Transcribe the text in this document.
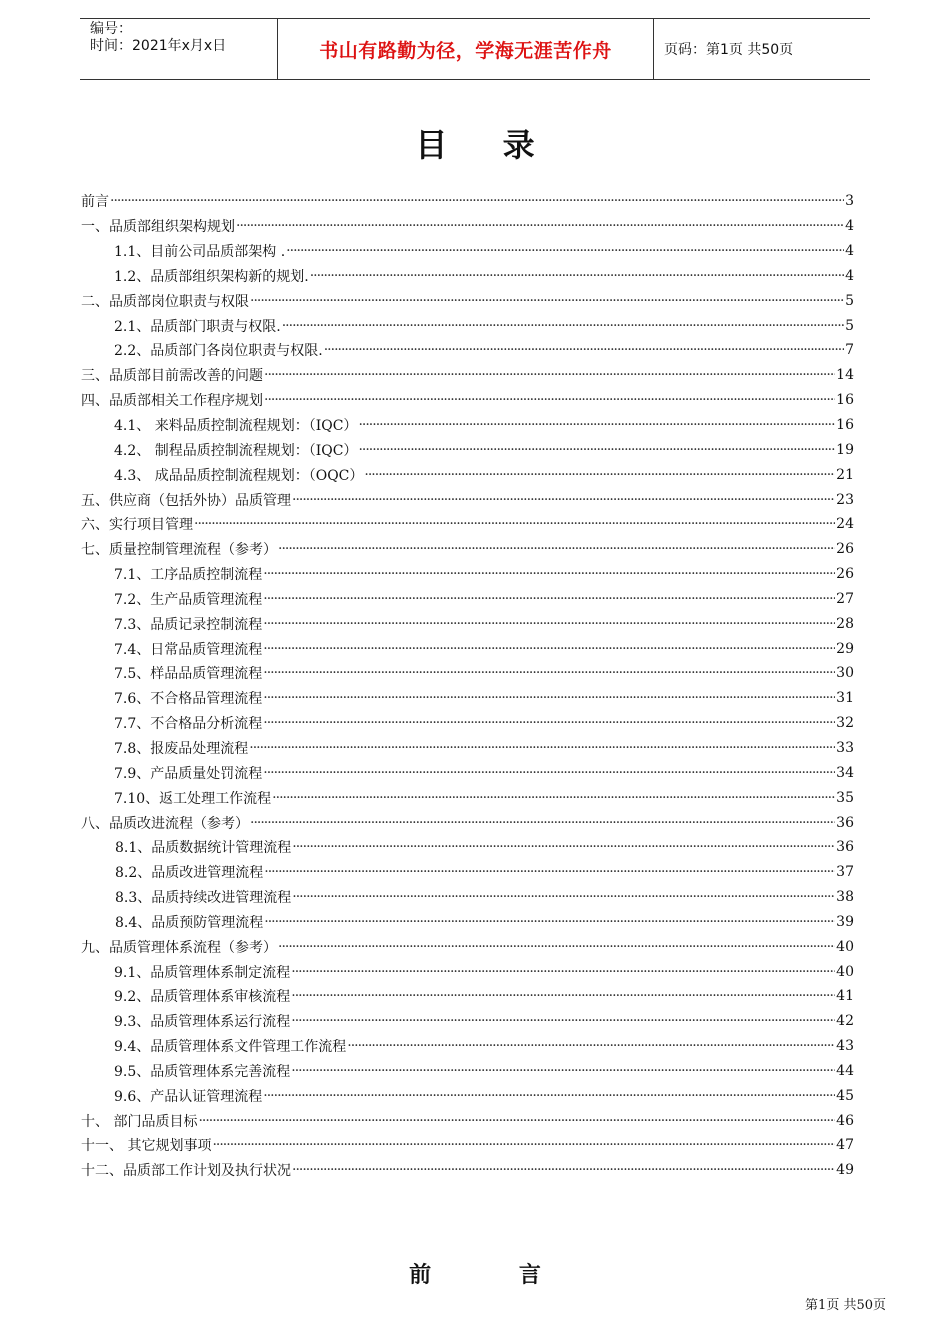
编号：
时间：2021年x月x日	书山有路勤为径，学海无涯苦作舟	页码：第1页 共50页
目 录
前言 ·····	3
一、品质部组织架构规划 ·····	4
1.1、目前公司品质部架构 . ·····	4
1.2、品质部组织架构新的规划. ·····	4
二、品质部岗位职责与权限 ·····	5
2.1、品质部门职责与权限. ·····	5
2.2、品质部门各岗位职责与权限. ·····	7
三、品质部目前需改善的问题 ·····	14
四、品质部相关工作程序规划 ·····	16
4.1、 来料品质控制流程规划：（IQC） ·····	16
4.2、 制程品质控制流程规划：（IQC） ·····	19
4.3、 成品品质控制流程规划：（OQC） ·····	21
五、供应商（包括外协）品质管理 ·····	23
六、实行项目管理 ·····	24
七、质量控制管理流程（参考） ·····	26
7.1、工序品质控制流程 ·····	26
7.2、生产品质管理流程 ·····	27
7.3、品质记录控制流程 ·····	28
7.4、日常品质管理流程 ·····	29
7.5、样品品质管理流程 ·····	30
7.6、不合格品管理流程 ·····	31
7.7、不合格品分析流程 ·····	32
7.8、报废品处理流程 ·····	33
7.9、产品质量处罚流程 ·····	34
7.10、返工处理工作流程 ·····	35
八、品质改进流程（参考） ·····	36
8.1、品质数据统计管理流程 ·····	36
8.2、品质改进管理流程 ·····	37
8.3、品质持续改进管理流程 ·····	38
8.4、品质预防管理流程 ·····	39
九、品质管理体系流程（参考） ·····	40
9.1、品质管理体系制定流程 ·····	40
9.2、品质管理体系审核流程 ·····	41
9.3、品质管理体系运行流程 ·····	42
9.4、品质管理体系文件管理工作流程 ·····	43
9.5、品质管理体系完善流程 ·····	44
9.6、产品认证管理流程 ·····	45
十、 部门品质目标 ·····	46
十一、 其它规划事项 ·····	47
十二、品质部工作计划及执行状况 ·····	49
前 言
第1页 共50页
